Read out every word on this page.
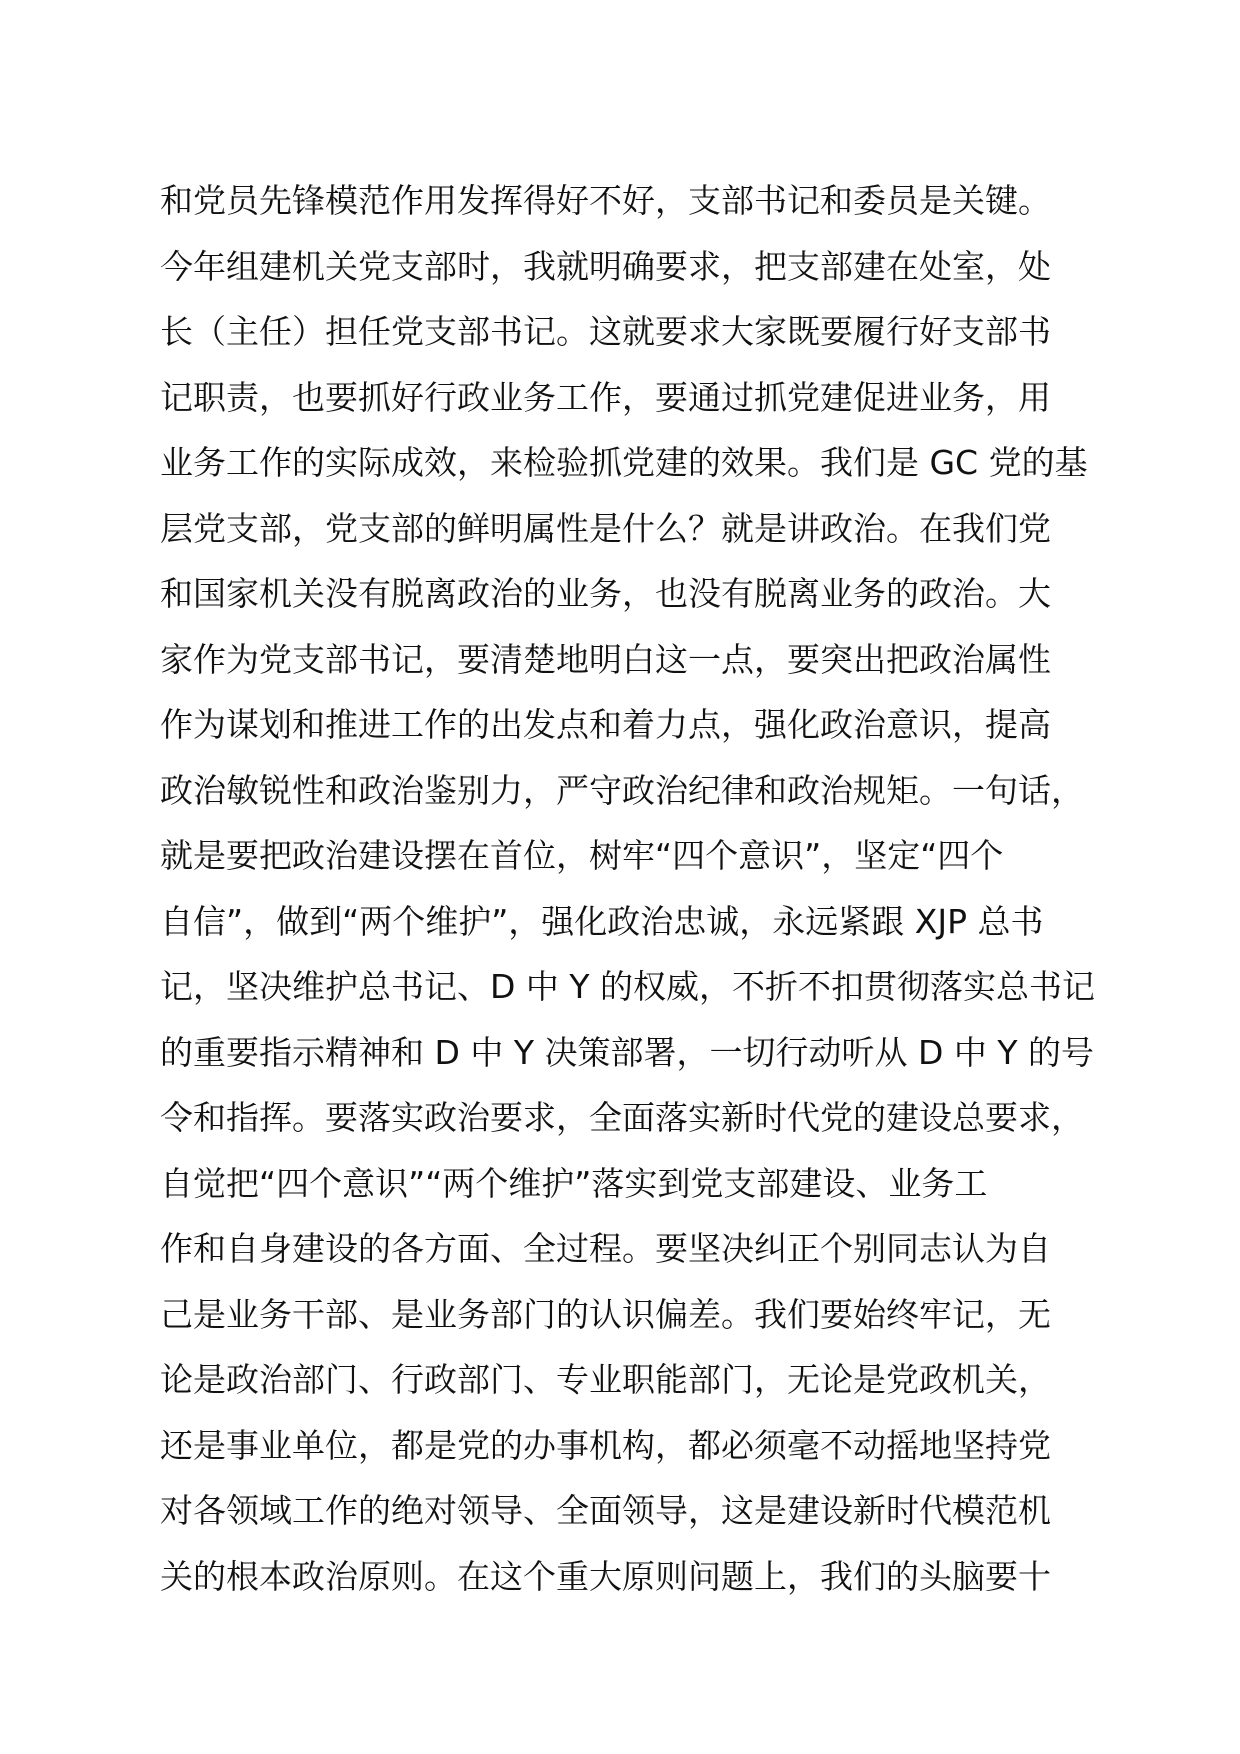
和党员先锋模范作用发挥得好不好，支部书记和委员是关键。
今年组建机关党支部时，我就明确要求，把支部建在处室，处
长（主任）担任党支部书记。这就要求大家既要履行好支部书
记职责，也要抓好行政业务工作，要通过抓党建促进业务，用
业务工作的实际成效，来检验抓党建的效果。我们是 GC 党的基
层党支部，党支部的鲜明属性是什么？就是讲政治。在我们党
和国家机关没有脱离政治的业务，也没有脱离业务的政治。大
家作为党支部书记，要清楚地明白这一点，要突出把政治属性
作为谋划和推进工作的出发点和着力点，强化政治意识，提高
政治敏锐性和政治鉴别力，严守政治纪律和政治规矩。一句话，
就是要把政治建设摆在首位，树牢“四个意识”，坚定“四个
自信”，做到“两个维护”，强化政治忠诚，永远紧跟 XJP 总书
记，坚决维护总书记、D 中 Y 的权威，不折不扣贯彻落实总书记
的重要指示精神和 D 中 Y 决策部署，一切行动听从 D 中 Y 的号
令和指挥。要落实政治要求，全面落实新时代党的建设总要求，
自觉把“四个意识”“两个维护”落实到党支部建设、业务工
作和自身建设的各方面、全过程。要坚决纠正个别同志认为自
己是业务干部、是业务部门的认识偏差。我们要始终牢记，无
论是政治部门、行政部门、专业职能部门，无论是党政机关，
还是事业单位，都是党的办事机构，都必须毫不动摇地坚持党
对各领域工作的绝对领导、全面领导，这是建设新时代模范机
关的根本政治原则。在这个重大原则问题上，我们的头脑要十
